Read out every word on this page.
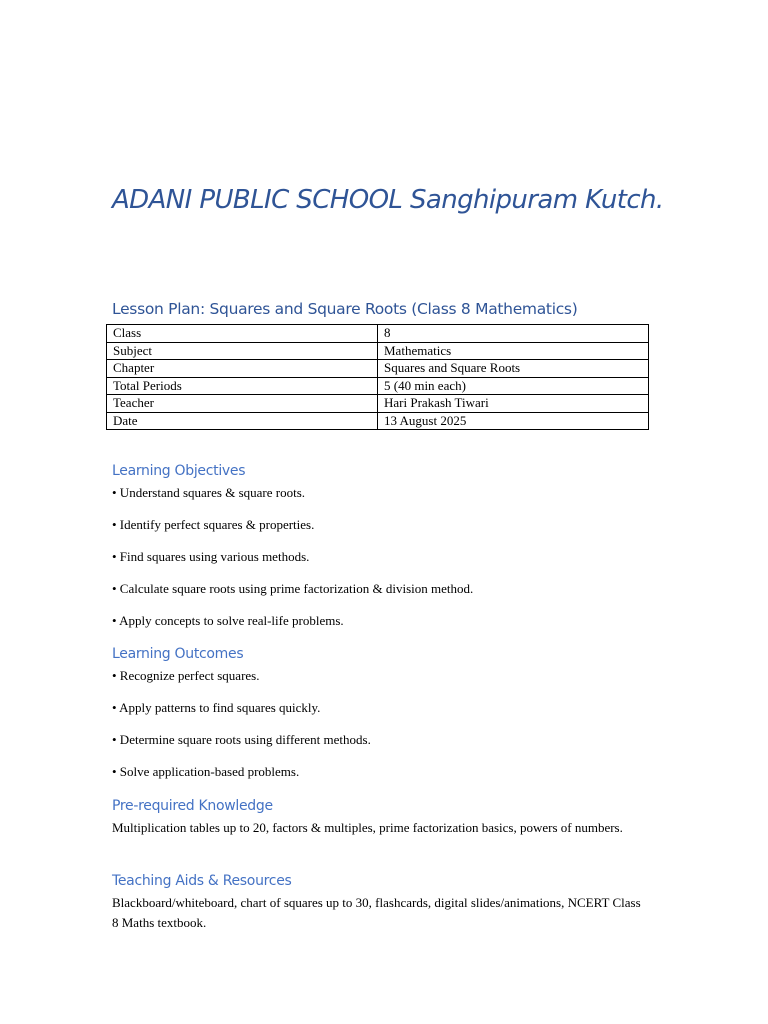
ADANI PUBLIC SCHOOL Sanghipuram Kutch.
Lesson Plan: Squares and Square Roots (Class 8 Mathematics)
Class	8
Subject	Mathematics
Chapter	Squares and Square Roots
Total Periods	5 (40 min each)
Teacher	Hari Prakash Tiwari
Date	13 August 2025
Learning Objectives

• Understand squares & square roots.

• Identify perfect squares & properties.

• Find squares using various methods.

• Calculate square roots using prime factorization & division method.

• Apply concepts to solve real-life problems.

Learning Outcomes

• Recognize perfect squares.

• Apply patterns to find squares quickly.

• Determine square roots using different methods.

• Solve application-based problems.

Pre-required Knowledge

Multiplication tables up to 20, factors & multiples, prime factorization basics, powers of numbers.

Teaching Aids & Resources

Blackboard/whiteboard, chart of squares up to 30, flashcards, digital slides/animations, NCERT Class 8 Maths textbook.
